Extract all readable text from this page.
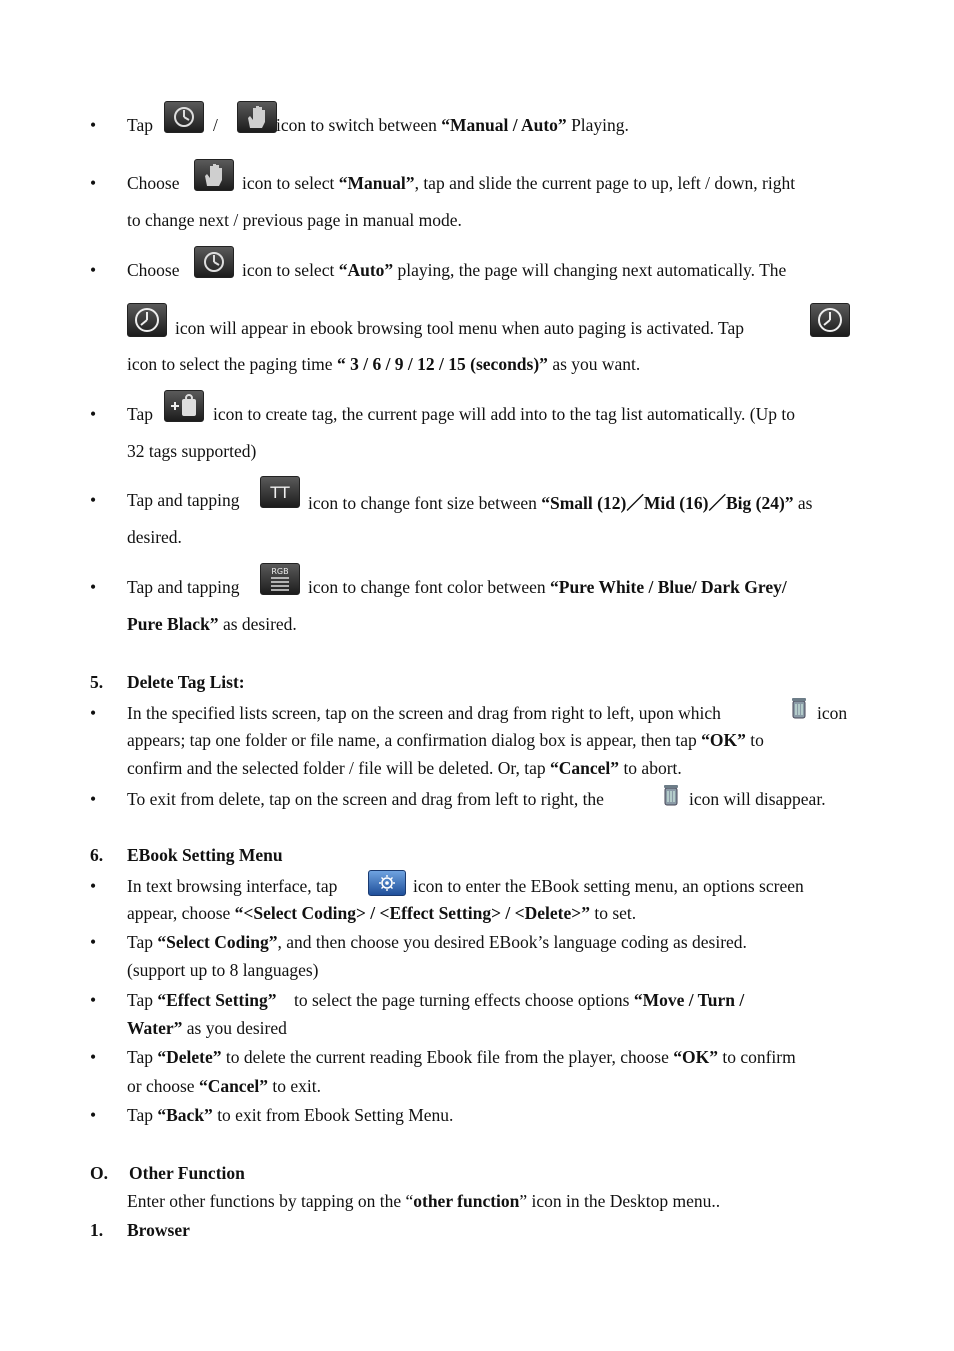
• Tap	/	icon to switch between “Manual / Auto” Playing.
• Choose	icon to select “Manual”, tap and slide the current page to up, left / down, right
to change next / previous page in manual mode.
• Choose	icon to select “Auto” playing, the page will changing next automatically. The
icon will appear in ebook browsing tool menu when auto paging is activated. Tap
icon to select the paging time “ 3 / 6 / 9 / 12 / 15 (seconds)” as you want.
• Tap	icon to create tag, the current page will add into to the tag list automatically. (Up to
32 tags supported)
• Tap and tapping TT
icon to change font size between “Small (12)／Mid (16)／Big (24)” as
desired.
• Tap and tapping
RGB
icon to change font color between “Pure White / Blue/ Dark Grey/
Pure Black” as desired.
5. Delete Tag List:
• In the specified lists screen, tap on the screen and drag from right to left, upon which	icon
appears; tap one folder or file name, a confirmation dialog box is appear, then tap “OK” to
confirm and the selected folder / file will be deleted. Or, tap “Cancel” to abort.
• To exit from delete, tap on the screen and drag from left to right, the	icon will disappear.
6. EBook Setting Menu
• In text browsing interface, tap	icon to enter the EBook setting menu, an options screen
appear, choose “<Select Coding> / <Effect Setting> / <Delete>” to set.
• Tap “Select Coding”, and then choose you desired EBook’s language coding as desired.
(support up to 8 languages)
• Tap “Effect Setting”    to select the page turning effects choose options “Move / Turn /
Water” as you desired
• Tap “Delete” to delete the current reading Ebook file from the player, choose “OK” to confirm
or choose “Cancel” to exit.
• Tap “Back” to exit from Ebook Setting Menu.
O. Other Function
Enter other functions by tapping on the “other function” icon in the Desktop menu..
1. Browser
